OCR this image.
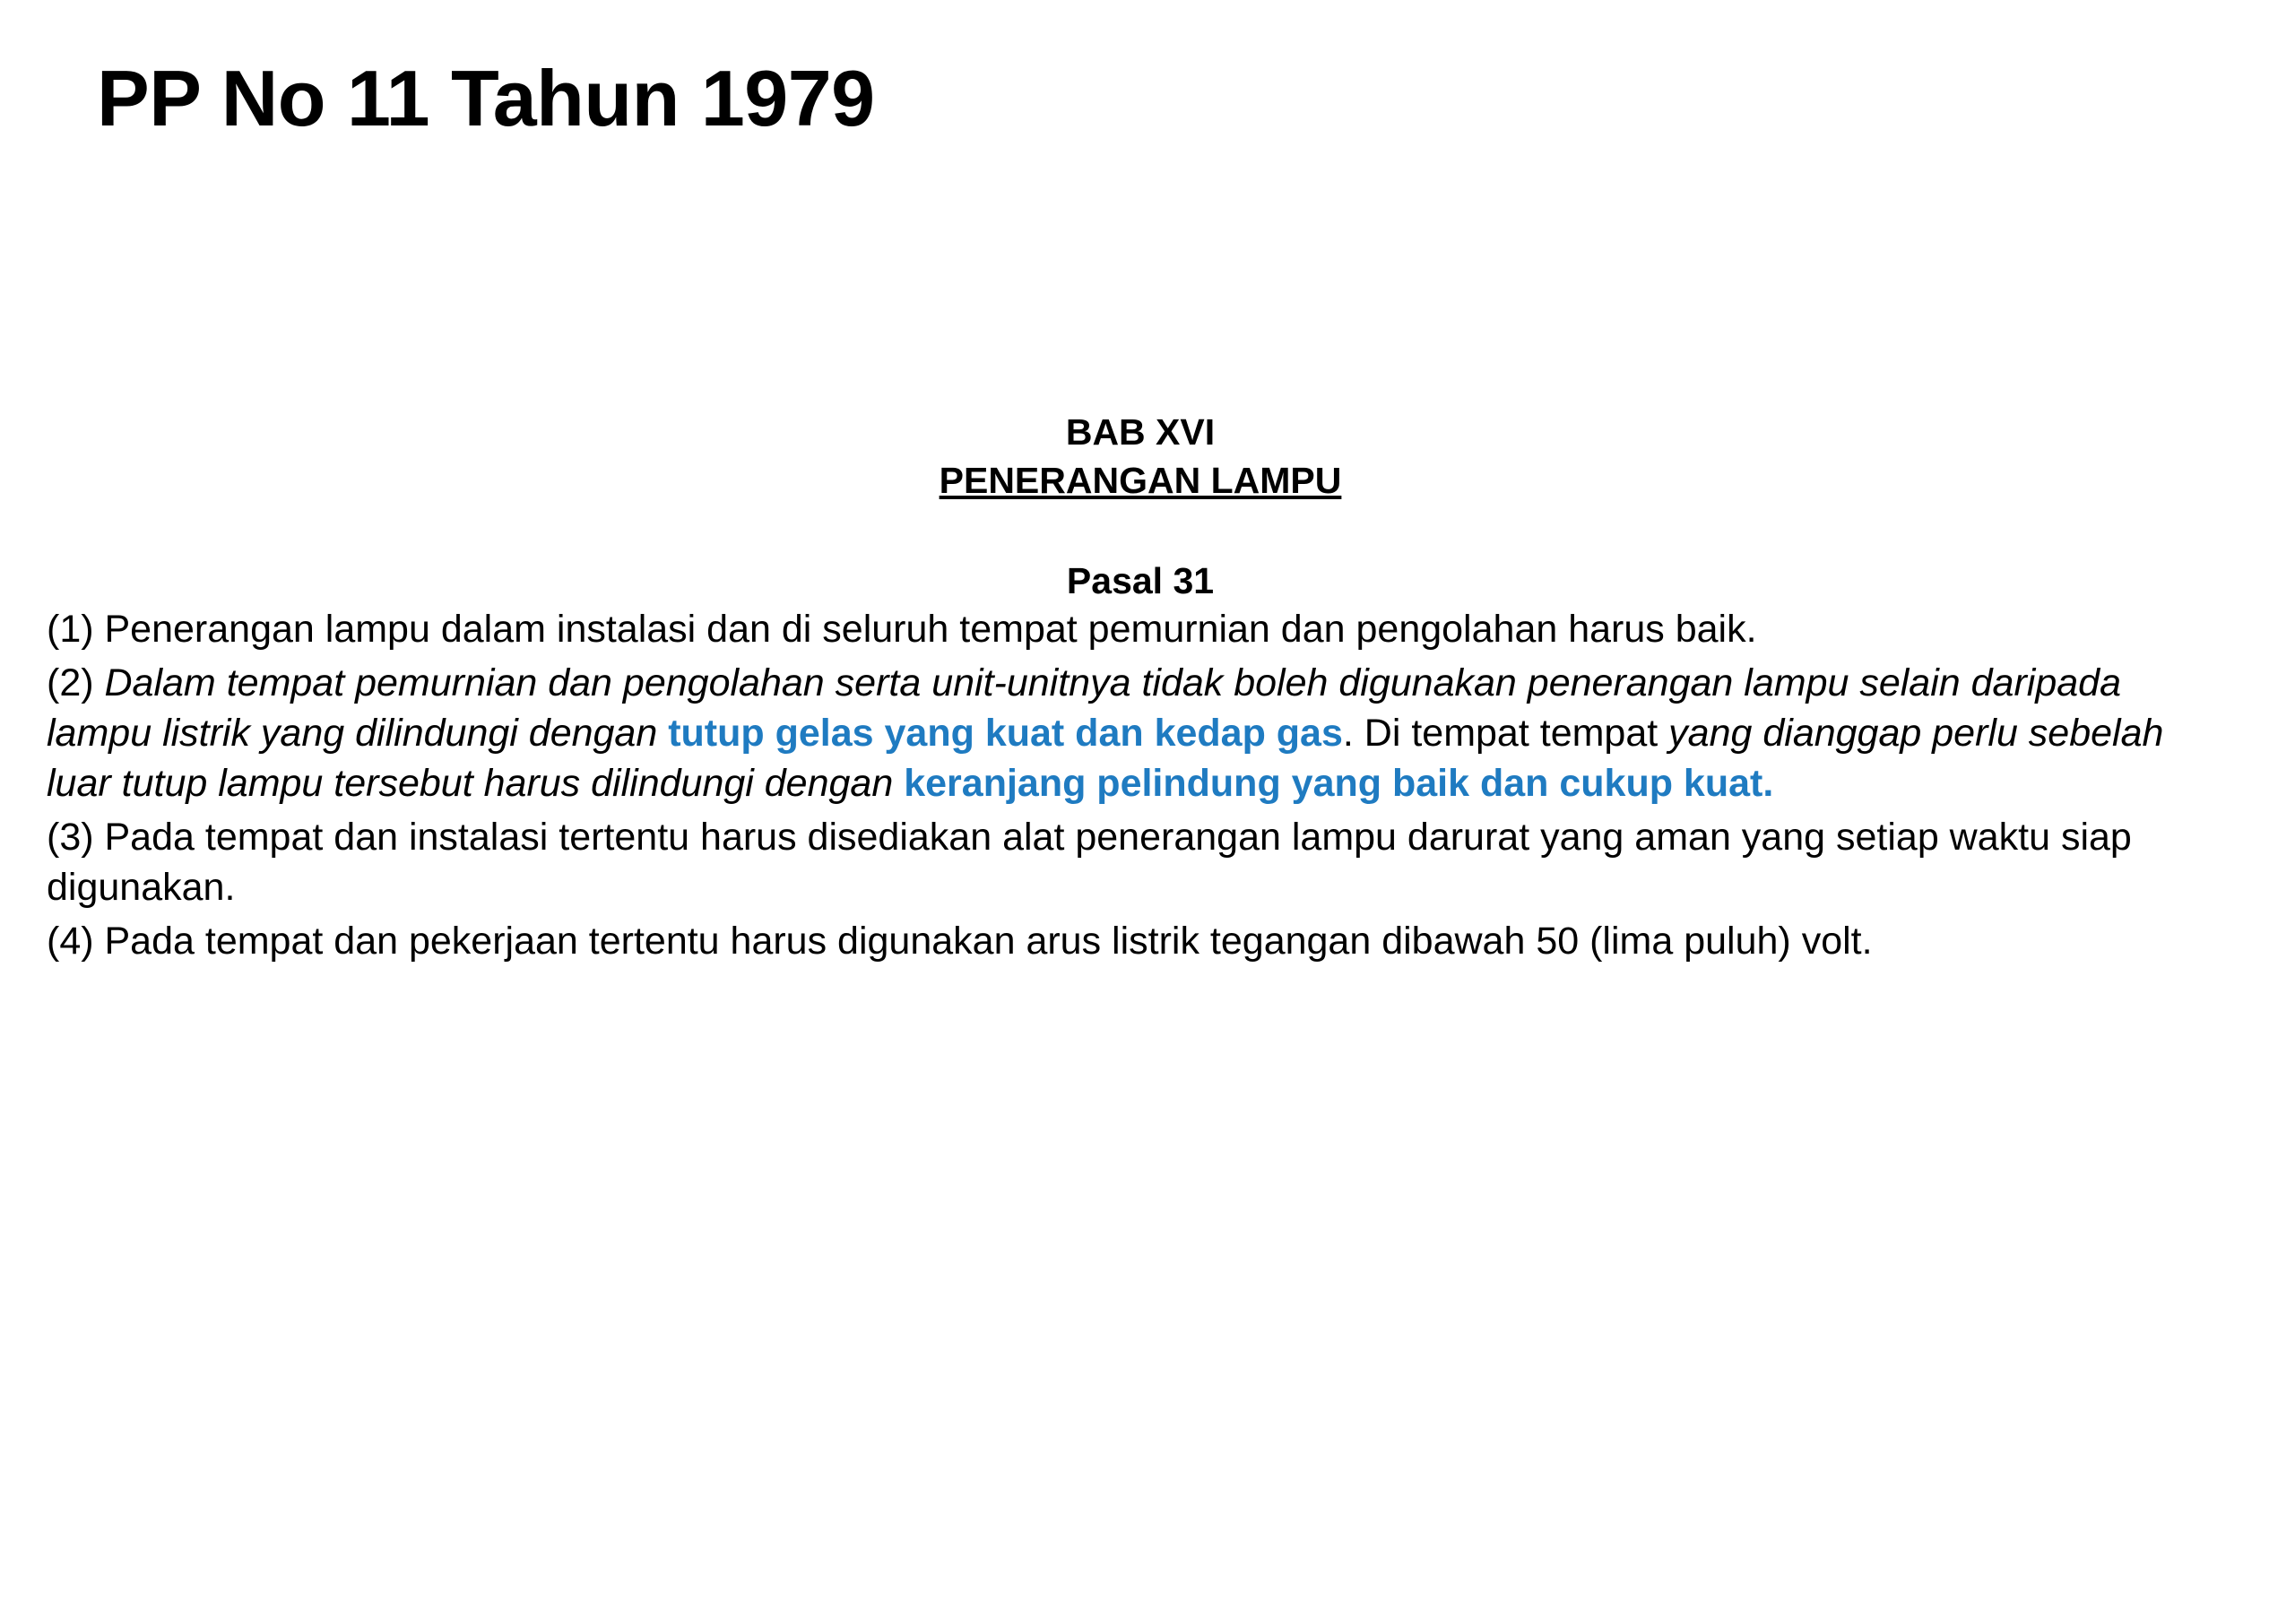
PP No 11 Tahun 1979
BAB XVI
PENERANGAN LAMPU
Pasal 31

(1) Penerangan lampu dalam instalasi dan di seluruh tempat pemurnian dan pengolahan harus baik.

(2) Dalam tempat pemurnian dan pengolahan serta unit-unitnya tidak boleh digunakan penerangan lampu selain daripada lampu listrik yang dilindungi dengan tutup gelas yang kuat dan kedap gas. Di tempat tempat yang dianggap perlu sebelah luar tutup lampu tersebut harus dilindungi dengan keranjang pelindung yang baik dan cukup kuat.

(3) Pada tempat dan instalasi tertentu harus disediakan alat penerangan lampu darurat yang aman yang setiap waktu siap digunakan.

(4) Pada tempat dan pekerjaan tertentu harus digunakan arus listrik tegangan dibawah 50 (lima puluh) volt.
